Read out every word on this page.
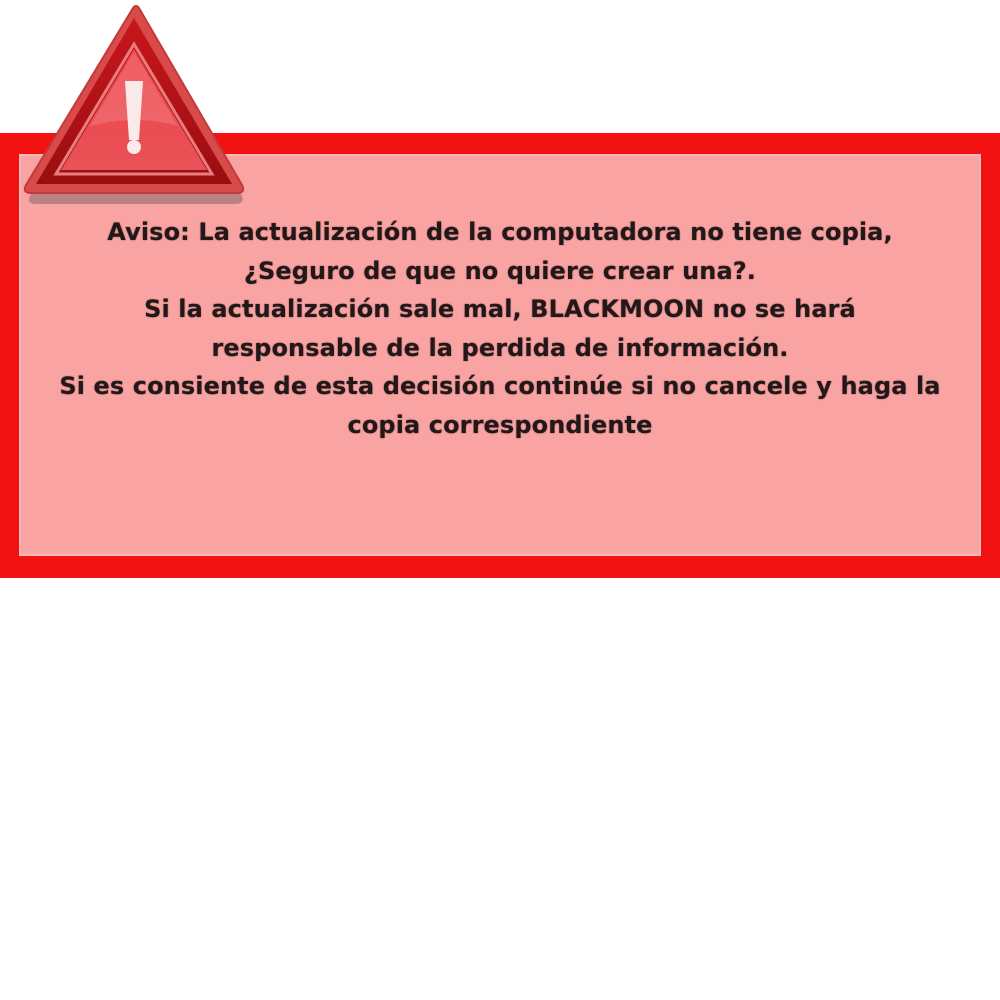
Aviso: La actualización de la computadora no tiene copia,
¿Seguro de que no quiere crear una?.
Si la actualización sale mal, BLACKMOON no se hará
responsable de la perdida de información.
Si es consiente de esta decisión continúe si no cancele y haga la
copia correspondiente
